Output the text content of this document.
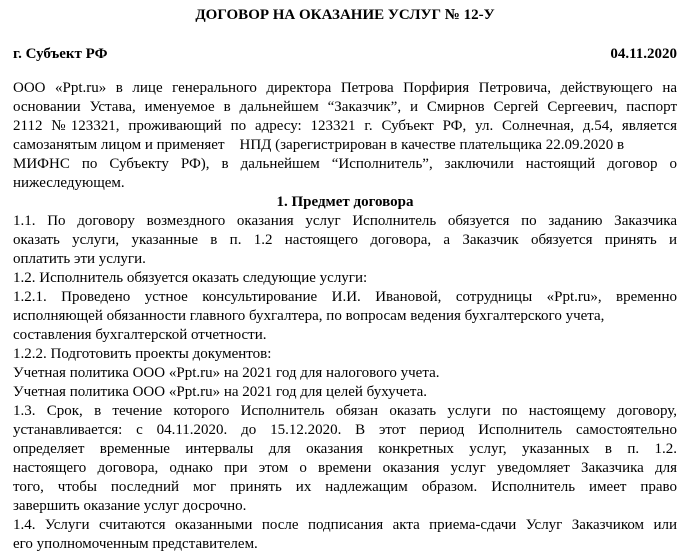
ДОГОВОР НА ОКАЗАНИЕ УСЛУГ № 12-У
г. Субъект РФ	04.11.2020
ООО «Ppt.ru» в лице генерального директора Петрова Порфирия Петровича, действующего на
основании Устава, именуемое в дальнейшем “Заказчик”, и Смирнов Сергей Сергеевич, паспорт
2112 №123321, проживающий по адресу: 123321 г. Субъект РФ, ул. Солнечная, д.54, является
самозанятым лицом и применяет    НПД (зарегистрирован в качестве плательщика 22.09.2020 в
МИФНС по Субъекту РФ), в дальнейшем “Исполнитель”, заключили настоящий договор о

нижеследующем.

1. Предмет договора
1.1. По договору возмездного оказания услуг Исполнитель обязуется по заданию Заказчика
оказать услуги, указанные в п. 1.2 настоящего договора, а Заказчик обязуется принять и

оплатить эти услуги.

1.2. Исполнитель обязуется оказать следующие услуги:

1.2.1. Проведено устное консультирование И.И. Ивановой, сотрудницы «Ppt.ru», временно

исполняющей обязанности главного бухгалтера, по вопросам ведения бухгалтерского учета,

составления бухгалтерской отчетности.

1.2.2. Подготовить проекты документов:

Учетная политика ООО «Ppt.ru» на 2021 год для налогового учета.

Учетная политика ООО «Ppt.ru» на 2021 год для целей бухучета.

1.3. Срок, в течение которого Исполнитель обязан оказать услуги по настоящему договору,
устанавливается: с 04.11.2020. до 15.12.2020. В этот период Исполнитель самостоятельно
определяет временные интервалы для оказания конкретных услуг, указанных в п. 1.2.
настоящего договора, однако при этом о времени оказания услуг уведомляет Заказчика для
того, чтобы последний мог принять их надлежащим образом. Исполнитель имеет право

завершить оказание услуг досрочно.

1.4. Услуги считаются оказанными после подписания акта приема-сдачи Услуг Заказчиком или

его уполномоченным представителем.
